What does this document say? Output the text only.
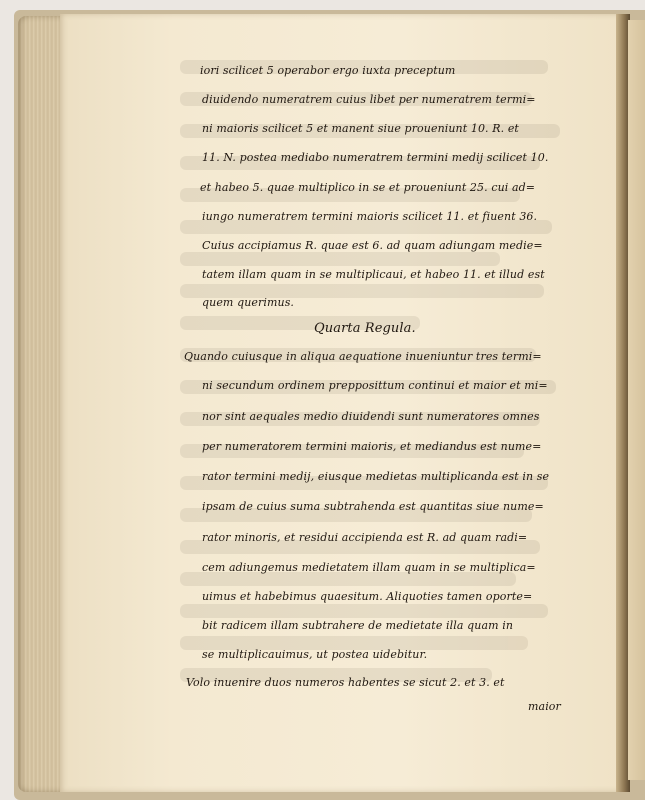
iori scilicet 5 operabor ergo iuxta preceptum
diuidendo numeratrem cuius libet per numeratrem termi=
ni maioris scilicet 5 et manent siue proueniunt 10. R. et
11. N. postea mediabo numeratrem termini medij scilicet 10.
et habeo 5. quae multiplico in se et proueniunt 25. cui ad=
iungo numeratrem termini maioris scilicet 11. et fiuent 36.
Cuius accipiamus R. quae est 6. ad quam adiungam medie=
tatem illam quam in se multiplicaui, et habeo 11. et illud est
quem querimus.
Quarta Regula.
Quando cuiusque in aliqua aequatione inueniuntur tres termi=
ni secundum ordinem prepposittum continui et maior et mi=
nor sint aequales medio diuidendi sunt numeratores omnes
per numeratorem termini maioris, et mediandus est nume=
rator termini medij, eiusque medietas multiplicanda est in se
ipsam de cuius suma subtrahenda est quantitas siue nume=
rator minoris, et residui accipienda est R. ad quam radi=
cem adiungemus medietatem illam quam in se multiplica=
uimus et habebimus quaesitum. Aliquoties tamen oporte=
bit radicem illam subtrahere de medietate illa quam in
se multiplicauimus, ut postea uidebitur.
Volo inuenire duos numeros habentes se sicut 2. et 3. et
maior
